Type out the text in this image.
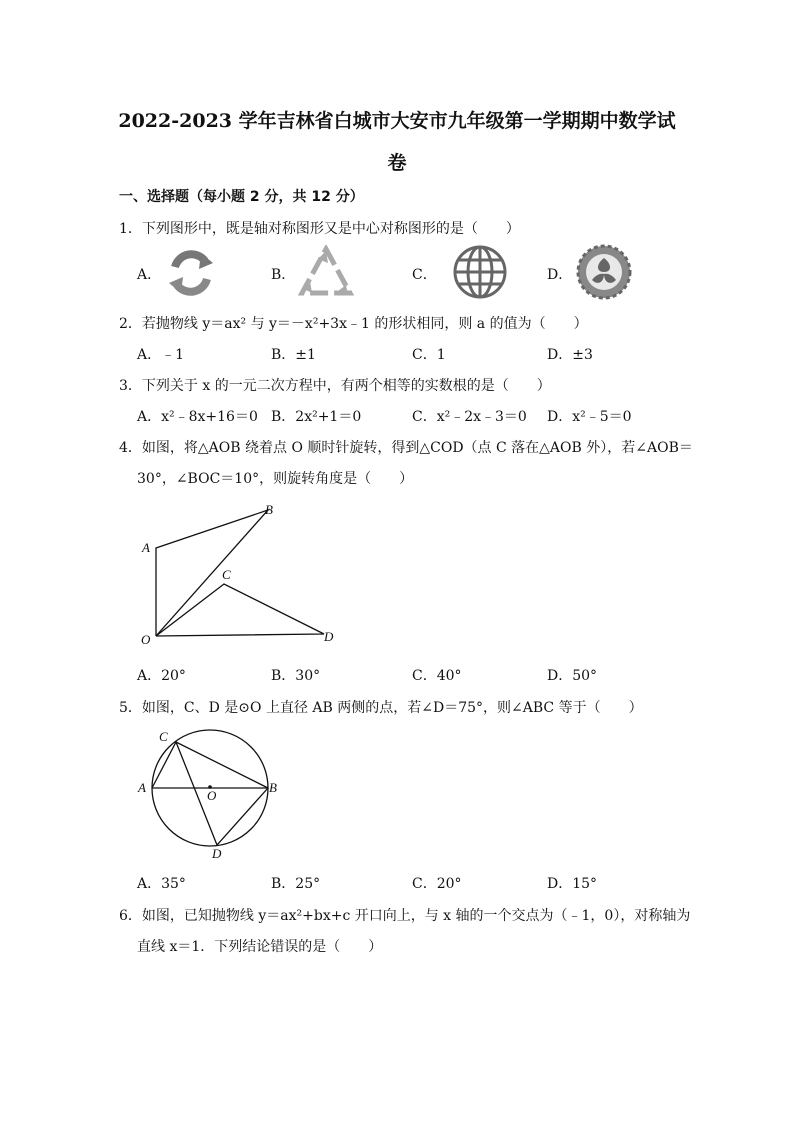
2022-2023 学年吉林省白城市大安市九年级第一学期期中数学试
卷
一、选择题（每小题 2 分，共 12 分）
1．下列图形中，既是轴对称图形又是中心对称图形的是（　　）
A．	B．	C．	D．
2．若抛物线 y＝ax² 与 y＝－x²+3x﹣1 的形状相同，则 a 的值为（　　）
A．﹣1	B．±1	C．1	D．±3
3．下列关于 x 的一元二次方程中，有两个相等的实数根的是（　　）
A．x²﹣8x+16＝0 B．2x²+1＝0	C．x²﹣2x﹣3＝0 D．x²﹣5＝0
4．如图，将△AOB 绕着点 O 顺时针旋转，得到△COD（点 C 落在△AOB 外），若∠AOB＝
30°，∠BOC＝10°，则旋转角度是（　　）
A
B
C
O	D
A．20°	B．30°	C．40°	D．50°
5．如图，C、D 是⊙O 上直径 AB 两侧的点，若∠D＝75°，则∠ABC 等于（　　）
C
A
O
B
D
A．35°	B．25°	C．20°	D．15°
6．如图，已知抛物线 y＝ax²+bx+c 开口向上，与 x 轴的一个交点为（﹣1，0），对称轴为
直线 x＝1．下列结论错误的是（　　）
